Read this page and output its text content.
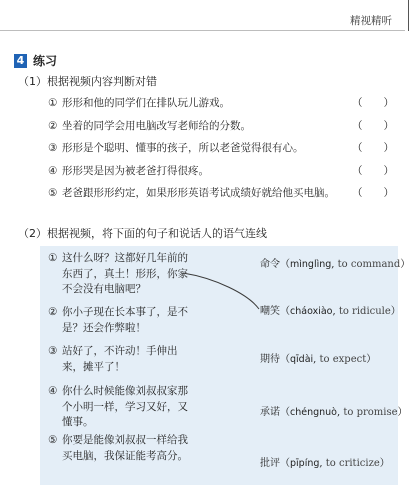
精视精听
4 练习
（1）根据视频内容判断对错
① 形形和他的同学们在排队玩儿游戏。	（　　）
② 坐着的同学会用电脑改写老师给的分数。	（　　）
③ 形形是个聪明、懂事的孩子，所以老爸觉得很有心。	（　　）
④ 形形哭是因为被老爸打得很疼。	（　　）
⑤ 老爸跟形形约定，如果形形英语考试成绩好就给他买电脑。 （　　）
（2）根据视频，将下面的句子和说话人的语气连线
① 这什么呀？这都好几年前的东西了，真土！形形，你家不会没有电脑吧？
② 你小子现在长本事了，是不是？还会作弊啦！
③ 站好了，不许动！手伸出来，摊平了！
④ 你什么时候能像刘叔叔家那个小明一样，学习又好，又懂事。
⑤ 你要是能像刘叔叔一样给我买电脑，我保证能考高分。
命令（mìnglìng, to command）
嘲笑（cháoxiào, to ridicule）
期待（qīdài, to expect）
承诺（chéngnuò, to promise）
批评（pīpíng, to criticize）
